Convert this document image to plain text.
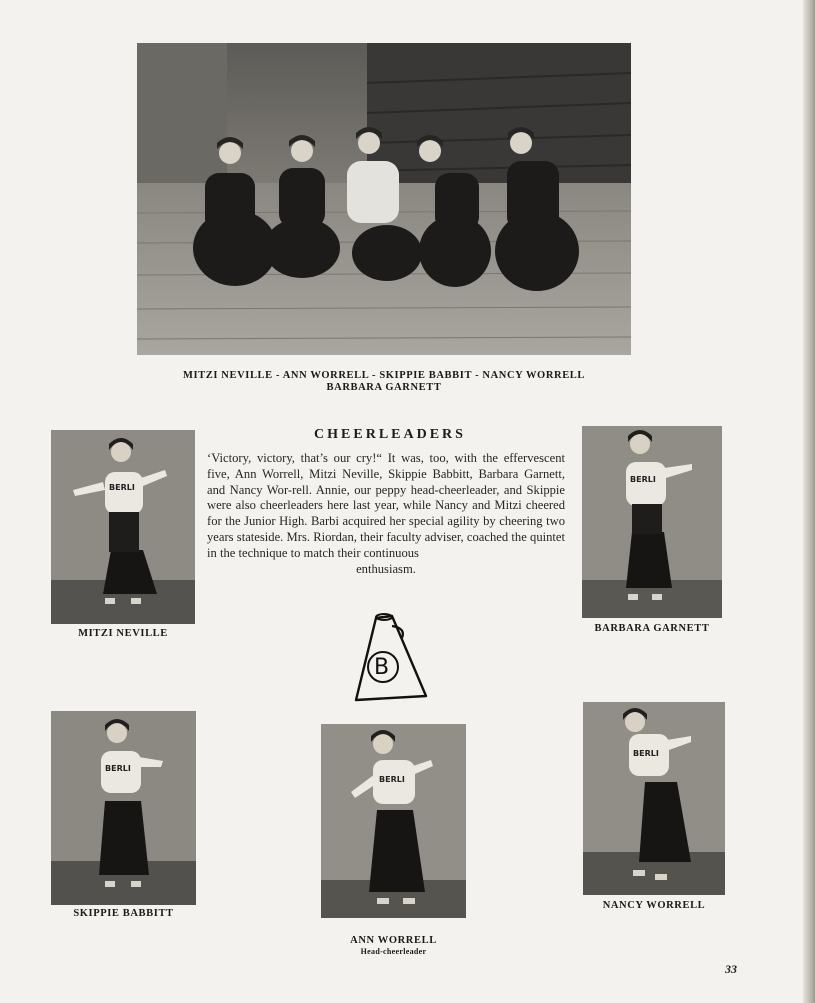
MITZI NEVILLE - ANN WORRELL - SKIPPIE BABBIT - NANCY WORRELL
BARBARA GARNETT
CHEERLEADERS
‘Victory, victory, that’s our cry!“ It was, too, with the effervescent five, Ann Worrell, Mitzi Neville, Skippie Babbitt, Barbara Garnett, and Nancy Wor-rell. Annie, our peppy head-cheerleader, and Skippie were also cheerleaders here last year, while Nancy and Mitzi cheered for the Junior High. Barbi acquired her special agility by cheering two years stateside. Mrs. Riordan, their faculty adviser, coached the quintet in the technique to match their continuous
enthusiasm.
B
BERLI
MITZI NEVILLE
BERLI
BARBARA GARNETT
BERLI
SKIPPIE BABBITT
BERLI
ANN WORRELL
Head-cheerleader
BERLI
NANCY WORRELL
33
